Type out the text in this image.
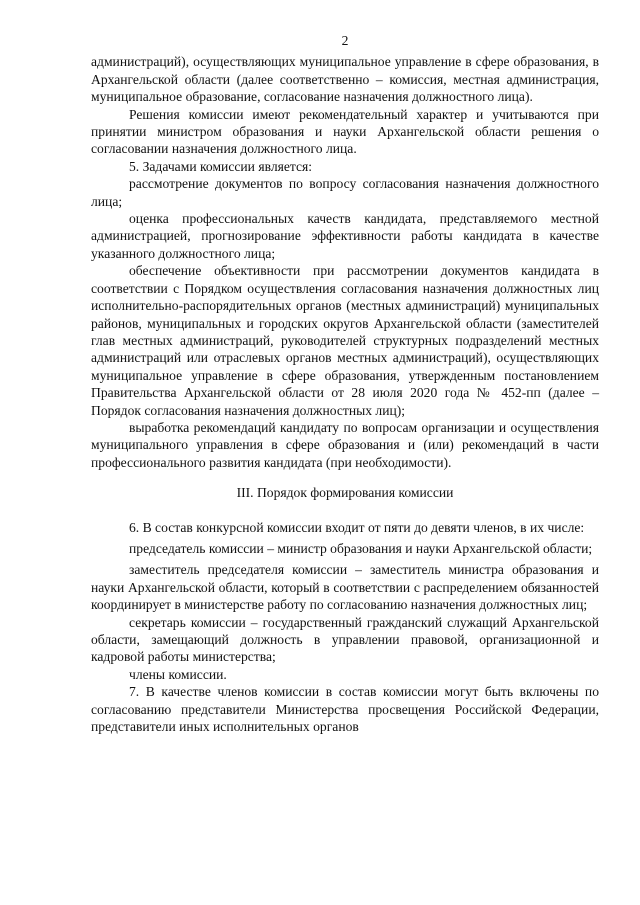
2

администраций), осуществляющих муниципальное управление в сфере образования, в Архангельской области (далее соответственно – комиссия, местная администрация, муниципальное образование, согласование назначения должностного лица).

Решения комиссии имеют рекомендательный характер и учитываются при принятии министром образования и науки Архангельской области решения о согласовании назначения должностного лица.

5. Задачами комиссии является:

рассмотрение документов по вопросу согласования назначения должностного лица;

оценка профессиональных качеств кандидата, представляемого местной администрацией, прогнозирование эффективности работы кандидата в качестве указанного должностного лица;

обеспечение объективности при рассмотрении документов кандидата в соответствии с Порядком осуществления согласования назначения должностных лиц исполнительно-распорядительных органов (местных администраций) муниципальных районов, муниципальных и городских округов Архангельской области (заместителей глав местных администраций, руководителей структурных подразделений местных администраций или отраслевых органов местных администраций), осуществляющих муниципальное управление в сфере образования, утвержденным постановлением Правительства Архангельской области от 28 июля 2020 года № 452-пп (далее – Порядок согласования назначения должностных лиц);

выработка рекомендаций кандидату по вопросам организации и осуществления муниципального управления в сфере образования и (или) рекомендаций в части профессионального развития кандидата (при необходимости).

III. Порядок формирования комиссии

6. В состав конкурсной комиссии входит от пяти до девяти членов, в их числе:

председатель комиссии – министр образования и науки Архангельской области;

заместитель председателя комиссии – заместитель министра образования и науки Архангельской области, который в соответствии с распределением обязанностей координирует в министерстве работу по согласованию назначения должностных лиц;

секретарь комиссии – государственный гражданский служащий Архангельской области, замещающий должность в управлении правовой, организационной и кадровой работы министерства;

члены комиссии.

7. В качестве членов комиссии в состав комиссии могут быть включены по согласованию представители Министерства просвещения Российской Федерации, представители иных исполнительных органов
